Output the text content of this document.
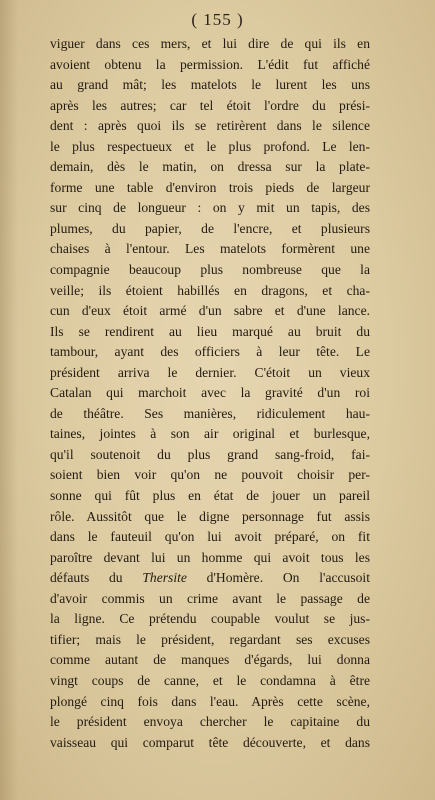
( 155 )
viguer dans ces mers, et lui dire de qui ils en
avoient obtenu la permission. L'édit fut affiché
au grand mât; les matelots le lurent les uns
après les autres; car tel étoit l'ordre du prési-
dent : après quoi ils se retirèrent dans le silence
le plus respectueux et le plus profond. Le len-
demain, dès le matin, on dressa sur la plate-
forme une table d'environ trois pieds de largeur
sur cinq de longueur : on y mit un tapis, des
plumes, du papier, de l'encre, et plusieurs
chaises à l'entour. Les matelots formèrent une
compagnie beaucoup plus nombreuse que la
veille; ils étoient habillés en dragons, et cha-
cun d'eux étoit armé d'un sabre et d'une lance.
Ils se rendirent au lieu marqué au bruit du
tambour, ayant des officiers à leur tête. Le
président arriva le dernier. C'étoit un vieux
Catalan qui marchoit avec la gravité d'un roi
de théâtre. Ses manières, ridiculement hau-
taines, jointes à son air original et burlesque,
qu'il soutenoit du plus grand sang-froid, fai-
soient bien voir qu'on ne pouvoit choisir per-
sonne qui fût plus en état de jouer un pareil
rôle. Aussitôt que le digne personnage fut assis
dans le fauteuil qu'on lui avoit préparé, on fit
paroître devant lui un homme qui avoit tous les
défauts du Thersite d'Homère. On l'accusoit
d'avoir commis un crime avant le passage de
la ligne. Ce prétendu coupable voulut se jus-
tifier; mais le président, regardant ses excuses
comme autant de manques d'égards, lui donna
vingt coups de canne, et le condamna à être
plongé cinq fois dans l'eau. Après cette scène,
le président envoya chercher le capitaine du
vaisseau qui comparut tête découverte, et dans
